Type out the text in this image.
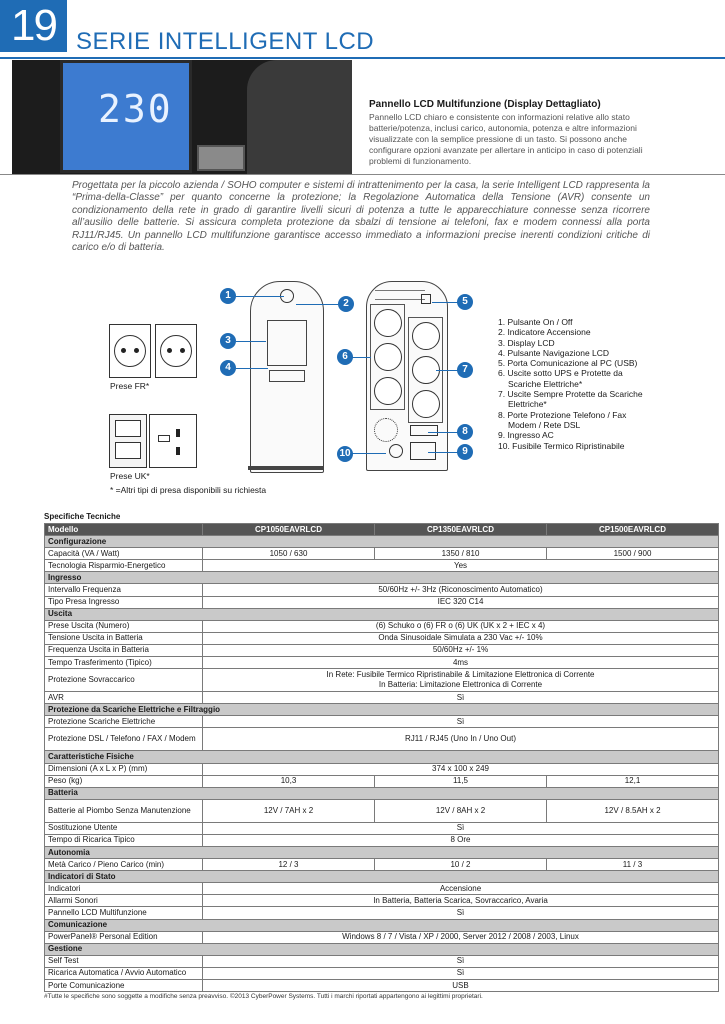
19 SERIE INTELLIGENT LCD
230	Pannello LCD Multifunzione (Display Dettagliato)
Pannello LCD chiaro e consistente con informazioni relative allo stato batterie/potenza, inclusi carico, autonomia, potenza e altre informazioni visualizzate con la semplice pressione di un tasto. Si possono anche configurare opzioni avanzate per allertare in anticipo in caso di potenziali problemi di funzionamento.
Progettata per la piccolo azienda / SOHO computer e sistemi di intrattenimento per la casa, la serie Intelligent LCD rappresenta la “Prima-della-Classe” per quanto concerne la protezione; la Regolazione Automatica della Tensione (AVR) consente un condizionamento della rete in grado di garantire livelli sicuri di potenza a tutte le apparecchiature connesse senza ricorrere all’ausilio delle batterie. Si assicura completa protezione da sbalzi di tensione ai telefoni, fax e modem connessi alla porta RJ11/RJ45. Un pannello LCD multifunzione garantisce accesso immediato a informazioni precise inerenti condizioni critiche di carico e/o di batteria.
Prese FR*
Prese UK*
* =Altri tipi di presa disponibili su richiesta
1
2
3
4
5
6
7
8
9
10
1. Pulsante On / Off
2. Indicatore Accensione
3. Display LCD
4. Pulsante Navigazione LCD
5. Porta Comunicazione al PC (USB)
6. Uscite sotto UPS e Protette da
Scariche Elettriche*
7. Uscite Sempre Protette da Scariche
Elettriche*
8. Porte Protezione Telefono / Fax
Modem / Rete DSL
9. Ingresso AC
10. Fusibile Termico Ripristinabile
Specifiche Tecniche
Modello	CP1050EAVRLCD	CP1350EAVRLCD	CP1500EAVRLCD
Configurazione			
Capacità (VA / Watt)	1050 / 630	1350 / 810	1500 / 900
Tecnologia Risparmio-Energetico	Yes		
Ingresso			
Intervallo Frequenza	50/60Hz +/- 3Hz (Riconoscimento Automatico)		
Tipo Presa Ingresso	IEC 320 C14		
Uscita			
Prese Uscita (Numero)	(6) Schuko o (6) FR o (6) UK (UK x 2 + IEC x 4)		
Tensione Uscita in Batteria	Onda Sinusoidale Simulata a 230 Vac +/- 10%		
Frequenza Uscita in Batteria	50/60Hz +/- 1%		
Tempo Trasferimento (Tipico)	4ms		
Protezione Sovraccarico	In Rete: Fusibile Termico Ripristinabile & Limitazione Elettronica di Corrente
In Batteria: Limitazione Elettronica di Corrente		

AVR	Sì		
Protezione da Scariche Elettriche e Filtraggio			
Protezione Scariche Elettriche	Sì		
Protezione DSL / Telefono / FAX / Modem	RJ11 / RJ45 (Uno In / Uno Out)		
Caratteristiche Fisiche			
Dimensioni (A x L x P) (mm)	374 x 100 x 249		
Peso (kg)	10,3	11,5	12,1
Batteria			
Batterie al Piombo Senza Manutenzione	12V / 7AH x 2	12V / 8AH x 2	12V / 8.5AH x 2
Sostituzione Utente	Sì		
Tempo di Ricarica Tipico	8 Ore		
Autonomia			
Metà Carico / Pieno Carico (min)	12 / 3	10 / 2	11 / 3
Indicatori di Stato			
Indicatori	Accensione		
Allarmi Sonori	In Batteria, Batteria Scarica, Sovraccarico, Avaria		
Pannello LCD Multifunzione	Sì		
Comunicazione			
PowerPanel® Personal Edition	Windows 8 / 7 / Vista / XP / 2000, Server 2012 / 2008 / 2003, Linux		
Gestione			
Self Test	Sì		
Ricarica Automatica / Avvio Automatico	Sì		
Porte Comunicazione	USB		
#Tutte le specifiche sono soggette a modifiche senza preavviso. ©2013 CyberPower Systems. Tutti i marchi riportati appartengono ai legittimi proprietari.
